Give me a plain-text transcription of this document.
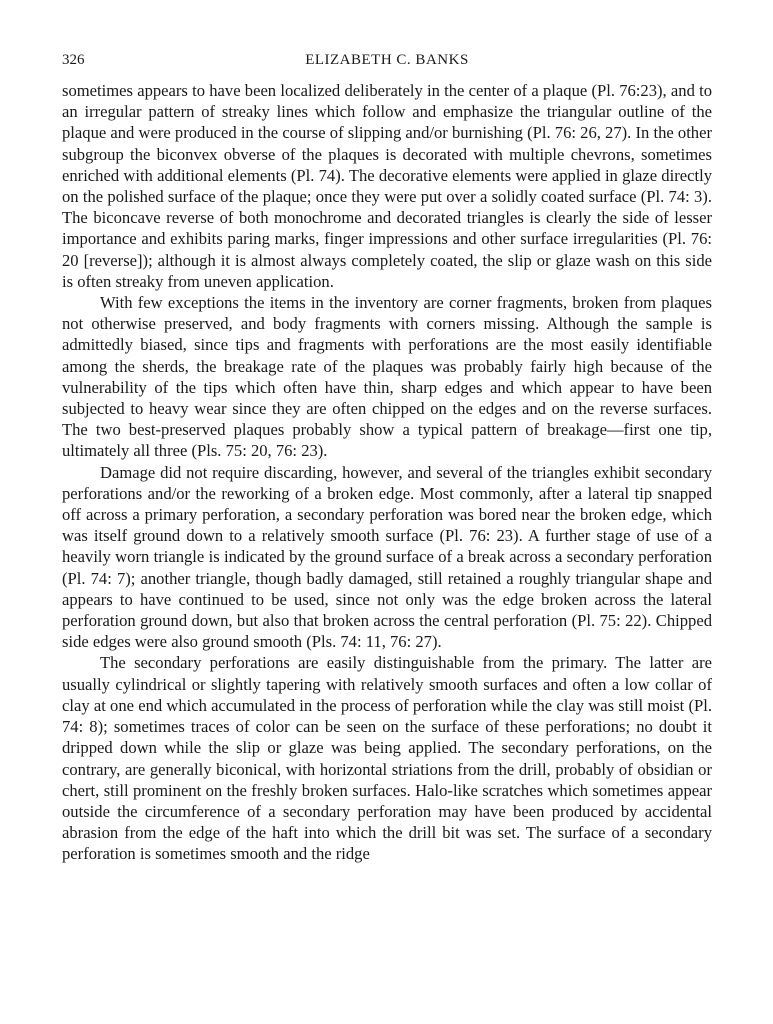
326	ELIZABETH C. BANKS

sometimes appears to have been localized deliberately in the center of a plaque (Pl. 76:23), and to an irregular pattern of streaky lines which follow and emphasize the triangular outline of the plaque and were produced in the course of slipping and/or burnishing (Pl. 76: 26, 27). In the other subgroup the biconvex obverse of the plaques is decorated with multiple chevrons, sometimes enriched with additional elements (Pl. 74). The decorative elements were applied in glaze directly on the polished surface of the plaque; once they were put over a solidly coated surface (Pl. 74: 3). The biconcave reverse of both monochrome and decorated triangles is clearly the side of lesser importance and exhibits paring marks, finger impressions and other surface irregularities (Pl. 76: 20 [reverse]); although it is almost always completely coated, the slip or glaze wash on this side is often streaky from uneven application.

With few exceptions the items in the inventory are corner fragments, broken from plaques not otherwise preserved, and body fragments with corners missing. Although the sample is admittedly biased, since tips and fragments with perforations are the most easily identifiable among the sherds, the breakage rate of the plaques was probably fairly high because of the vulnerability of the tips which often have thin, sharp edges and which appear to have been subjected to heavy wear since they are often chipped on the edges and on the reverse surfaces. The two best-preserved plaques probably show a typical pattern of breakage—first one tip, ultimately all three (Pls. 75: 20, 76: 23).

Damage did not require discarding, however, and several of the triangles exhibit secondary perforations and/or the reworking of a broken edge. Most commonly, after a lateral tip snapped off across a primary perforation, a secondary perforation was bored near the broken edge, which was itself ground down to a relatively smooth surface (Pl. 76: 23). A further stage of use of a heavily worn triangle is indicated by the ground surface of a break across a secondary perforation (Pl. 74: 7); another triangle, though badly damaged, still retained a roughly triangular shape and appears to have continued to be used, since not only was the edge broken across the lateral perforation ground down, but also that broken across the central perforation (Pl. 75: 22). Chipped side edges were also ground smooth (Pls. 74: 11, 76: 27).

The secondary perforations are easily distinguishable from the primary. The latter are usually cylindrical or slightly tapering with relatively smooth surfaces and often a low collar of clay at one end which accumulated in the process of perforation while the clay was still moist (Pl. 74: 8); sometimes traces of color can be seen on the surface of these perforations; no doubt it dripped down while the slip or glaze was being applied. The secondary perforations, on the contrary, are generally biconical, with horizontal striations from the drill, probably of obsidian or chert, still prominent on the freshly broken surfaces. Halo-like scratches which sometimes appear outside the circumference of a secondary perforation may have been produced by accidental abrasion from the edge of the haft into which the drill bit was set. The surface of a secondary perforation is sometimes smooth and the ridge
